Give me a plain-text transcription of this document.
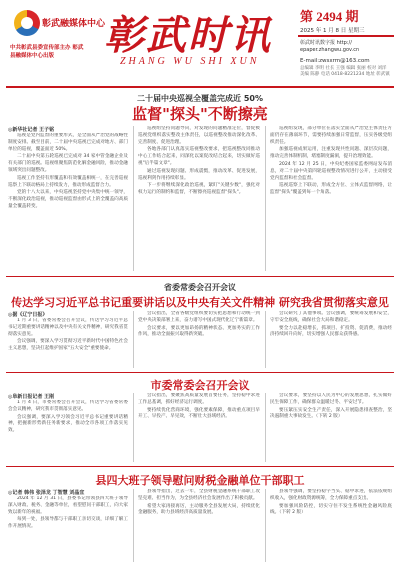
彰武融媒体中心
中共彰武县委宣传部主办 彰武县融媒体中心出版	彰武时讯
ZHANG WU SHI XUN
第 2494 期
2025 年 1 月 8 日 星期三
彰武时讯数字报 http://
epaper.zhangwu.gov.cn
E-mail:zwsxrm@163.com
总编辑 李明 社长 王强 编辑 张丽 校对 刘洋
美编 陈静 电话 0418-8221234 地址 彰武镇
二十届中央巡视全覆盖完成近 50%
监督"探头"不断擦亮
◎新华社记者 王子铭

巡视是党内监督的重要形式，是全面从严治党的战略性制度安排。截至目前，二十届中央巡视已完成对地方、部门单位的巡视，覆盖面近 50%。

二十届中央第五轮巡视已完成对 34 家中管金融企业及有关部门的巡视。巡视组聚焦防范化解金融风险，推动金融领域突出问题整改。

巡视工作坚持有形覆盖和有效覆盖相统一，在完善巡视巡察上下联动格局上持续发力，推动形成监督合力。

党的十八大以来，中央巡视坚持党中央集中统一领导，不断深化政治巡视，推动巡视监督由形式上的全覆盖向高质量全覆盖转变。

巡视组坚持问题导向，对发现的问题精准定位，督促被巡视党组织落实整改主体责任，以巡视整改推动深化改革、完善制度、促进治理。

各地各部门认真落实巡视整改要求，把巡视整改同推动中心工作结合起来，同深化以案促改结合起来，切实做好巡视"后半篇文章"。

通过巡视发现问题、形成震慑，推动改革、促进发展，巡视利剑作用持续彰显。

下一步将继续深化政治巡视，紧盯"关键少数"，强化对权力运行的制约和监督，不断擦亮巡视监督"探头"。

巡视组发现，部分单位在落实全面从严治党主体责任方面仍存在薄弱环节，需要持续加强日常监督，压实各级党组织责任。

加强巡视成果运用，注重发现共性问题、深层次问题，推动完善体制机制，堵塞制度漏洞，提升治理效能。

2024 年 12 月 25 日，中央纪委国家监委网站发布消息，对二十届中央第四轮巡视整改情况进行公开，主动接受党内监督和社会监督。

巡视巡察上下联动，形成全方位、立体式监督网络，让监督"探头"覆盖到每一个角落。

省委常委会召开会议
传达学习习近平总书记重要讲话以及中央有关文件精神 研究我省贯彻落实意见
◎据《辽宁日报》

1 月 3 日，省委常委会召开会议，传达学习习近平总书记近期重要讲话精神以及中央有关文件精神，研究我省贯彻落实意见。

会议强调，要深入学习贯彻习近平新时代中国特色社会主义思想，坚决扛起维护国家"五大安全"重要使命。

会议指出，全省各级党组织要切实把思想和行动统一到党中央决策部署上来，奋力谱写中国式现代化辽宁新篇章。

会议要求，要以更加昂扬的精神状态、更加务实的工作作风，推动全面振兴取得新突破。

会议研究了其他事项。会议强调，要统筹发展和安全，守牢安全底线，确保社会大局和谐稳定。

要全力以赴稳增长，抓项目、扩投资、促消费，推动经济持续回升向好，切实增强人民群众获得感。

市委常委会召开会议
◎阜新日报记者 王刚

1 月 4 日，市委常委会召开会议，传达学习省委常委会会议精神，研究我市贯彻落实意见。

会议强调，要深入学习领会习近平总书记重要讲话精神，把握新形势新任务新要求，推动全市各项工作落实见效。

会议指出，要聚焦高质量发展首要任务，坚持稳中求进工作总基调，抓好经济运行调度。

要持续优化营商环境，强化要素保障，推动重点项目早开工、早投产、早见效，不断壮大县域经济。

会议要求，要坚持以人民为中心的发展思想，扎实做好民生保障工作，确保群众温暖过冬、平安过节。

要压紧压实安全生产责任，深入开展隐患排查整治，坚决遏制重大事故发生。（下转 2 版）

县四大班子领导慰问财税金融单位干部职工
◎记者 韩伟 张泽龙 丁智慧 刘晶宜

2024 年 12 月 31 日，县委书记带领县四大班子领导深入财政、税务、金融等单位，看望慰问干部职工，向大家致以新年的祝福。

每到一处，县领导都与干部职工亲切交谈，详细了解工作开展情况。

县领导指出，过去一年，全县财税金融系统干部职工攻坚克难、担当作为，为全县经济社会发展作出了积极贡献。

希望大家再接再厉，主动服务全县发展大局，持续优化金融服务，助力县域经济高质量发展。

县领导强调，要坚持稳字当头、稳中求进，依法依规组织收入，强化财政资源统筹，全力保障重点支出。

要加强风险防控，切实守住不发生系统性金融风险底线。（下转 2 版）
